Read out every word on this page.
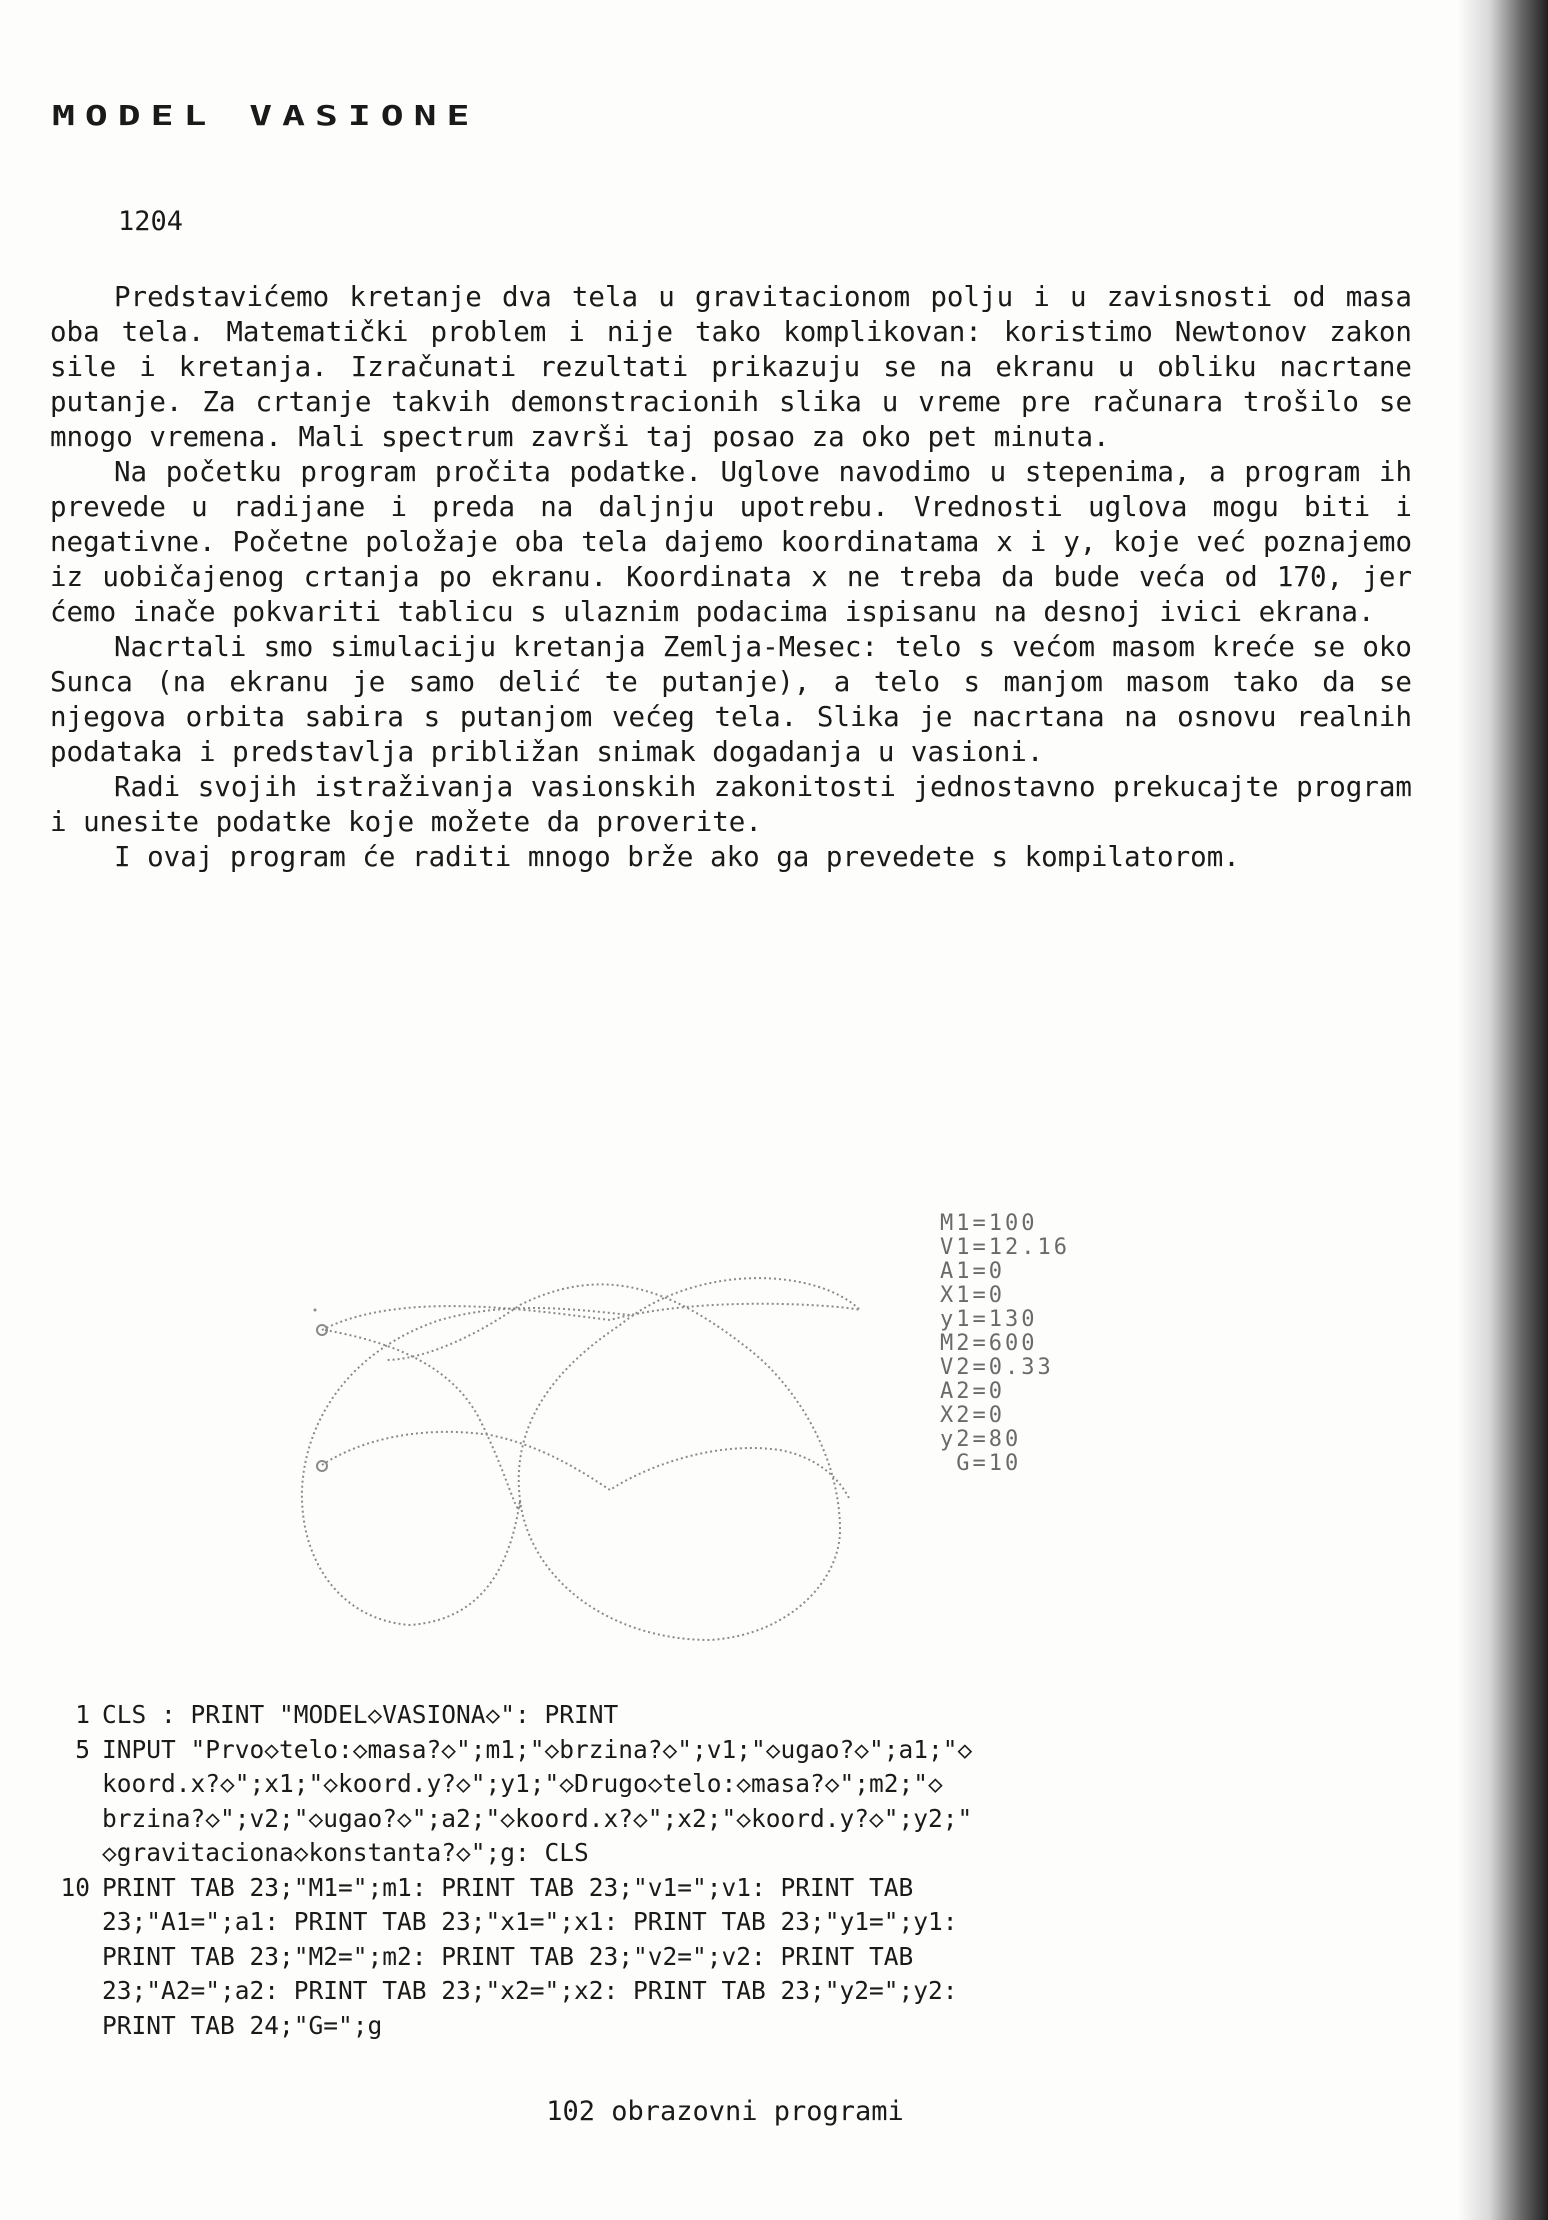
MODEL VASIONE
1204

Predstavićemo kretanje dva tela u gravitacionom polju i u zavisnosti od masa oba tela. Matematički problem i nije tako komplikovan: koristimo Newtonov zakon sile i kretanja. Izračunati rezultati prikazuju se na ekranu u obliku nacrtane putanje. Za crtanje takvih demonstracionih slika u vreme pre računara trošilo se mnogo vremena. Mali spectrum završi taj posao za oko pet minuta.

Na početku program pročita podatke. Uglove navodimo u stepenima, a program ih prevede u radijane i preda na daljnju upotrebu. Vrednosti uglova mogu biti i negativne. Početne položaje oba tela dajemo koordinatama x i y, koje već poznajemo iz uobičajenog crtanja po ekranu. Koordinata x ne treba da bude veća od 170, jer ćemo inače pokvariti tablicu s ulaznim podacima ispisanu na desnoj ivici ekrana.

Nacrtali smo simulaciju kretanja Zemlja-Mesec: telo s većom masom kreće se oko Sunca (na ekranu je samo delić te putanje), a telo s manjom masom tako da se njegova orbita sabira s putanjom većeg tela. Slika je nacrtana na osnovu realnih podataka i predstavlja približan snimak dogadanja u vasioni.

Radi svojih istraživanja vasionskih zakonitosti jednostavno prekucajte program i unesite podatke koje možete da proverite.

I ovaj program će raditi mnogo brže ako ga prevedete s kompilatorom.

M1=100
V1=12.16
A1=0
X1=0
y1=130
M2=600
V2=0.33
A2=0
X2=0
y2=80
G=10
1 CLS : PRINT "MODEL◇VASIONA◇": PRINT
5 INPUT "Prvo◇telo:◇masa?◇";m1;"◇brzina?◇";v1;"◇ugao?◇";a1;"◇
koord.x?◇";x1;"◇koord.y?◇";y1;"◇Drugo◇telo:◇masa?◇";m2;"◇
brzina?◇";v2;"◇ugao?◇";a2;"◇koord.x?◇";x2;"◇koord.y?◇";y2;"
◇gravitaciona◇konstanta?◇";g: CLS
10 PRINT TAB 23;"M1=";m1: PRINT TAB 23;"v1=";v1: PRINT TAB
23;"A1=";a1: PRINT TAB 23;"x1=";x1: PRINT TAB 23;"y1=";y1:
PRINT TAB 23;"M2=";m2: PRINT TAB 23;"v2=";v2: PRINT TAB
23;"A2=";a2: PRINT TAB 23;"x2=";x2: PRINT TAB 23;"y2=";y2:
PRINT TAB 24;"G=";g
102 obrazovni programi
